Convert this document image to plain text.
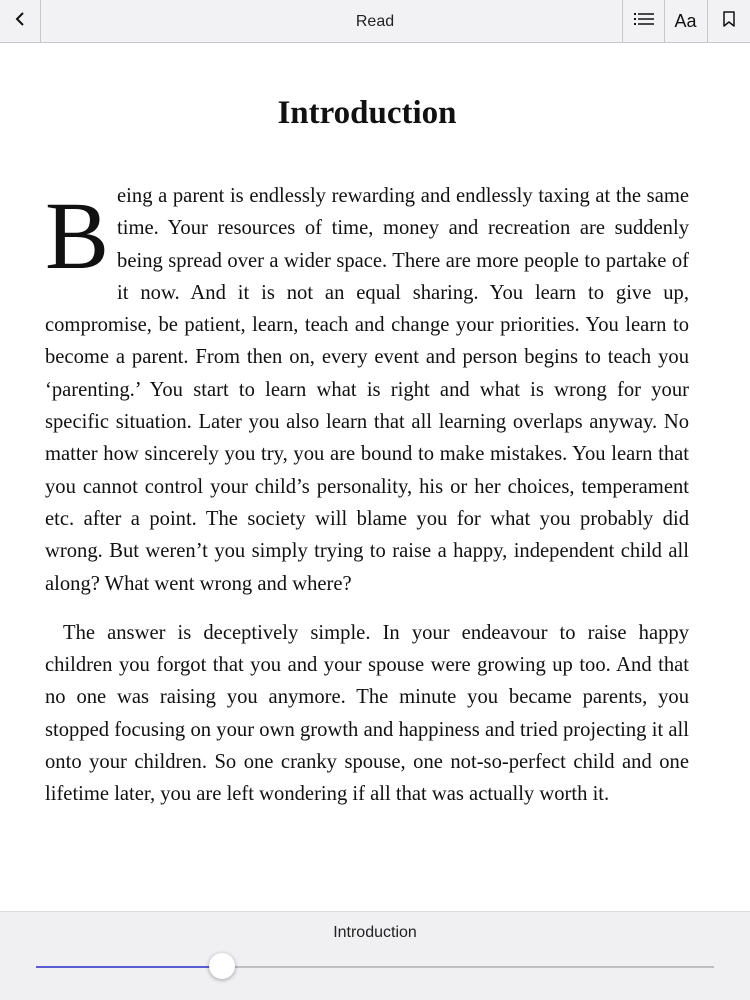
Read	Aa
Introduction

Being a parent is endlessly rewarding and endlessly taxing at the same time. Your resources of time, money and recreation are suddenly being spread over a wider space. There are more people to partake of it now. And it is not an equal sharing. You learn to give up, compromise, be patient, learn, teach and change your priorities. You learn to become a parent. From then on, every event and person begins to teach you ‘parenting.’ You start to learn what is right and what is wrong for your specific situation. Later you also learn that all learning overlaps anyway. No matter how sincerely you try, you are bound to make mistakes. You learn that you cannot control your child’s personality, his or her choices, temperament etc. after a point. The society will blame you for what you probably did wrong. But weren’t you simply trying to raise a happy, independent child all along? What went wrong and where?

The answer is deceptively simple. In your endeavour to raise happy children you forgot that you and your spouse were growing up too. And that no one was raising you anymore. The minute you became parents, you stopped focusing on your own growth and happiness and tried projecting it all onto your children. So one cranky spouse, one not-so-perfect child and one lifetime later, you are left wondering if all that was actually worth it.

Introduction
